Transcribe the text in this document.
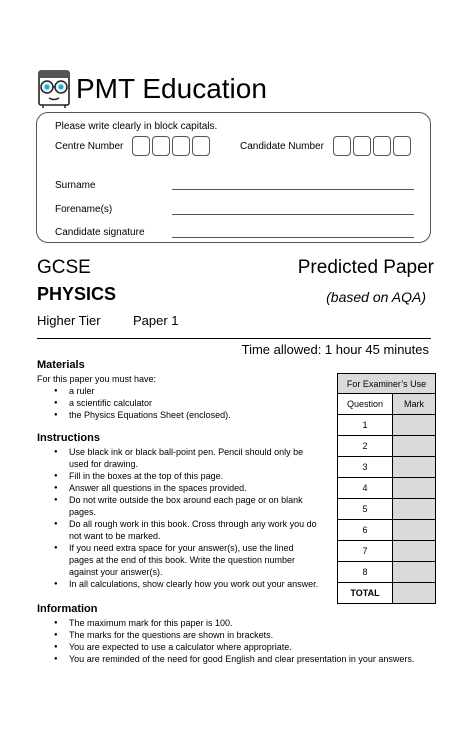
PMT Education
Please write clearly in block capitals.
Centre Number	Candidate Number
Surname
Forename(s)
Candidate signature
GCSE	Predicted Paper
PHYSICS	(based on AQA)
Higher Tier Paper 1
Time allowed: 1 hour 45 minutes
Materials
For this paper you must have:
● a ruler
● a scientific calculator
● the Physics Equations Sheet (enclosed).
Instructions
● Use black ink or black ball-point pen. Pencil should only be
used for drawing.
● Fill in the boxes at the top of this page.
● Answer all questions in the spaces provided.
● Do not write outside the box around each page or on blank
pages.
● Do all rough work in this book. Cross through any work you do
not want to be marked.
● If you need extra space for your answer(s), use the lined
pages at the end of this book. Write the question number
against your answer(s).
● In all calculations, show clearly how you work out your answer.
Information
● The maximum mark for this paper is 100.
● The marks for the questions are shown in brackets.
● You are expected to use a calculator where appropriate.
● You are reminded of the need for good English and clear presentation in your answers.
For Examiner’s Use	
Question	Mark
1	
2	
3	
4	
5	
6	
7	
8	
TOTAL	
